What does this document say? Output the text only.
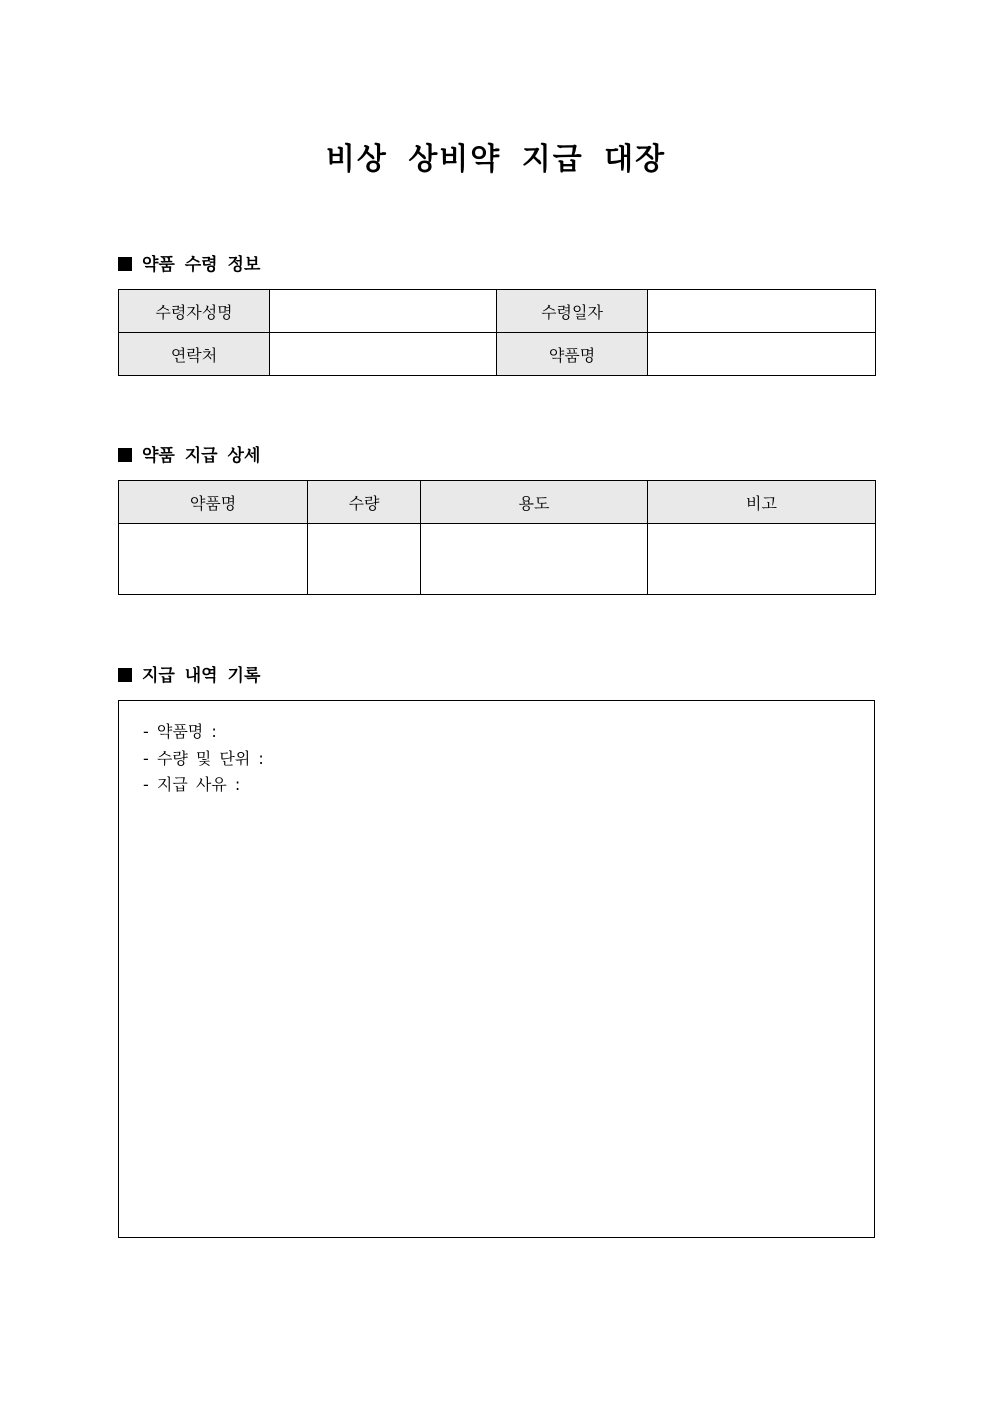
비상 상비약 지급 대장
약품 수령 정보
수령자성명		수령일자	
연락처		약품명	
약품 지급 상세
약품명	수량	용도	비고

지급 내역 기록
- 약품명 :
- 수량 및 단위 :
- 지급 사유 :
